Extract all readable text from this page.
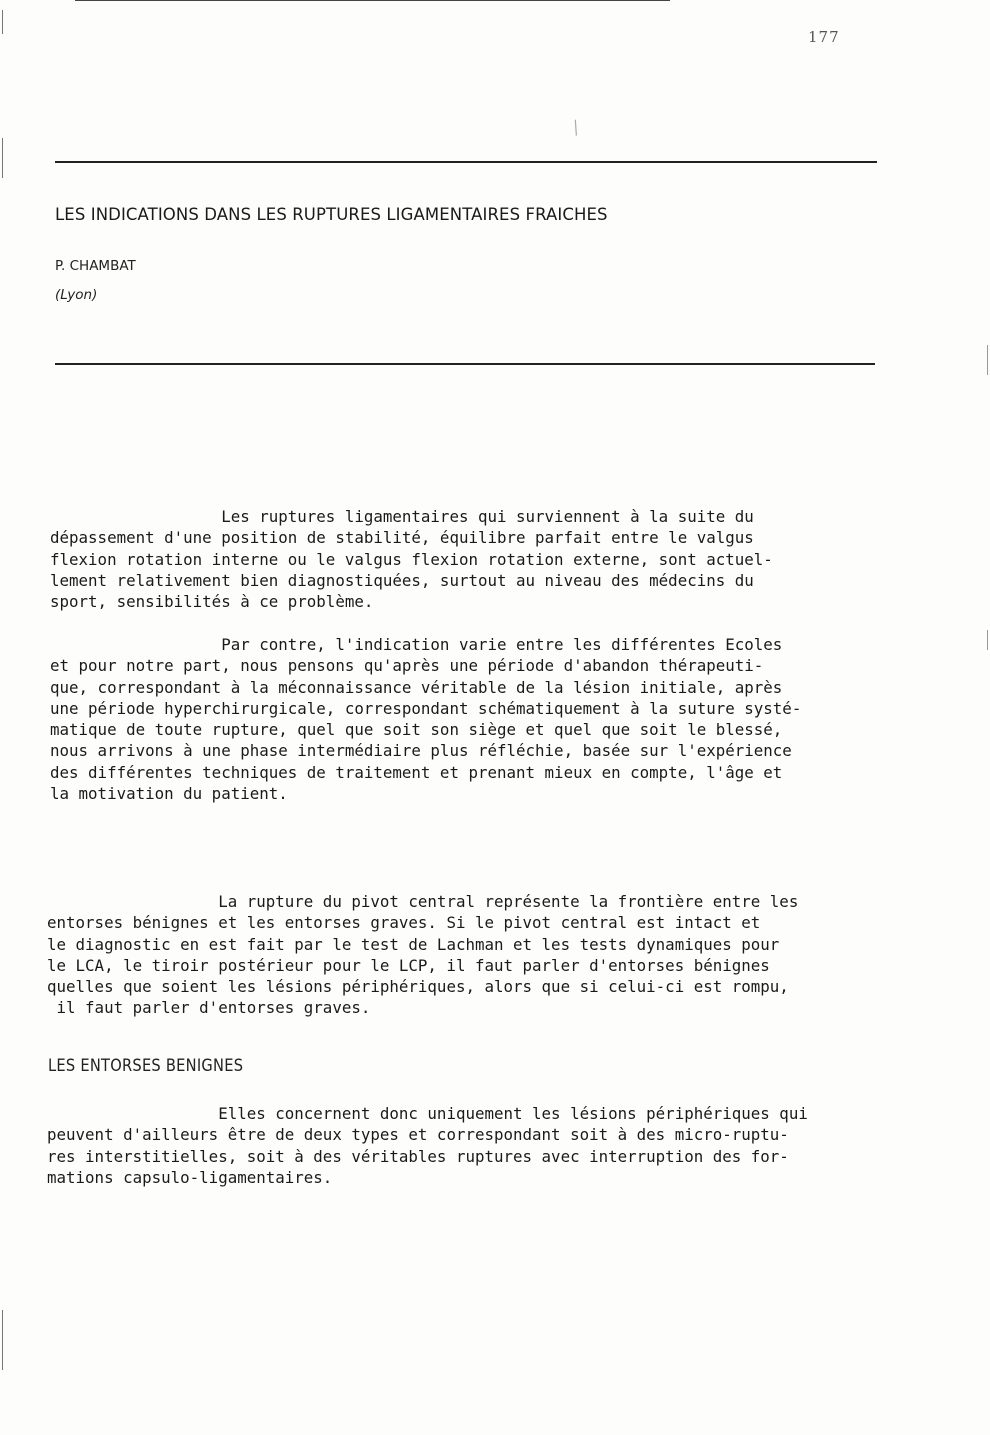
177
⁄
LES INDICATIONS DANS LES RUPTURES LIGAMENTAIRES FRAICHES
P. CHAMBAT
(Lyon)
Les ruptures ligamentaires qui surviennent à la suite du
dépassement d'une position de stabilité, équilibre parfait entre le valgus
flexion rotation interne ou le valgus flexion rotation externe, sont actuel-
lement relativement bien diagnostiquées, surtout au niveau des médecins du
sport, sensibilités à ce problème.
Par contre, l'indication varie entre les différentes Ecoles
et pour notre part, nous pensons qu'après une période d'abandon thérapeuti-
que, correspondant à la méconnaissance véritable de la lésion initiale, après
une période hyperchirurgicale, correspondant schématiquement à la suture systé-
matique de toute rupture, quel que soit son siège et quel que soit le blessé,
nous arrivons à une phase intermédiaire plus réfléchie, basée sur l'expérience
des différentes techniques de traitement et prenant mieux en compte, l'âge et
la motivation du patient.
La rupture du pivot central représente la frontière entre les
entorses bénignes et les entorses graves. Si le pivot central est intact et
le diagnostic en est fait par le test de Lachman et les tests dynamiques pour
le LCA, le tiroir postérieur pour le LCP, il faut parler d'entorses bénignes
quelles que soient les lésions périphériques, alors que si celui-ci est rompu,
il faut parler d'entorses graves.
LES ENTORSES BENIGNES
Elles concernent donc uniquement les lésions périphériques qui
peuvent d'ailleurs être de deux types et correspondant soit à des micro-ruptu-
res interstitielles, soit à des véritables ruptures avec interruption des for-
mations capsulo-ligamentaires.
